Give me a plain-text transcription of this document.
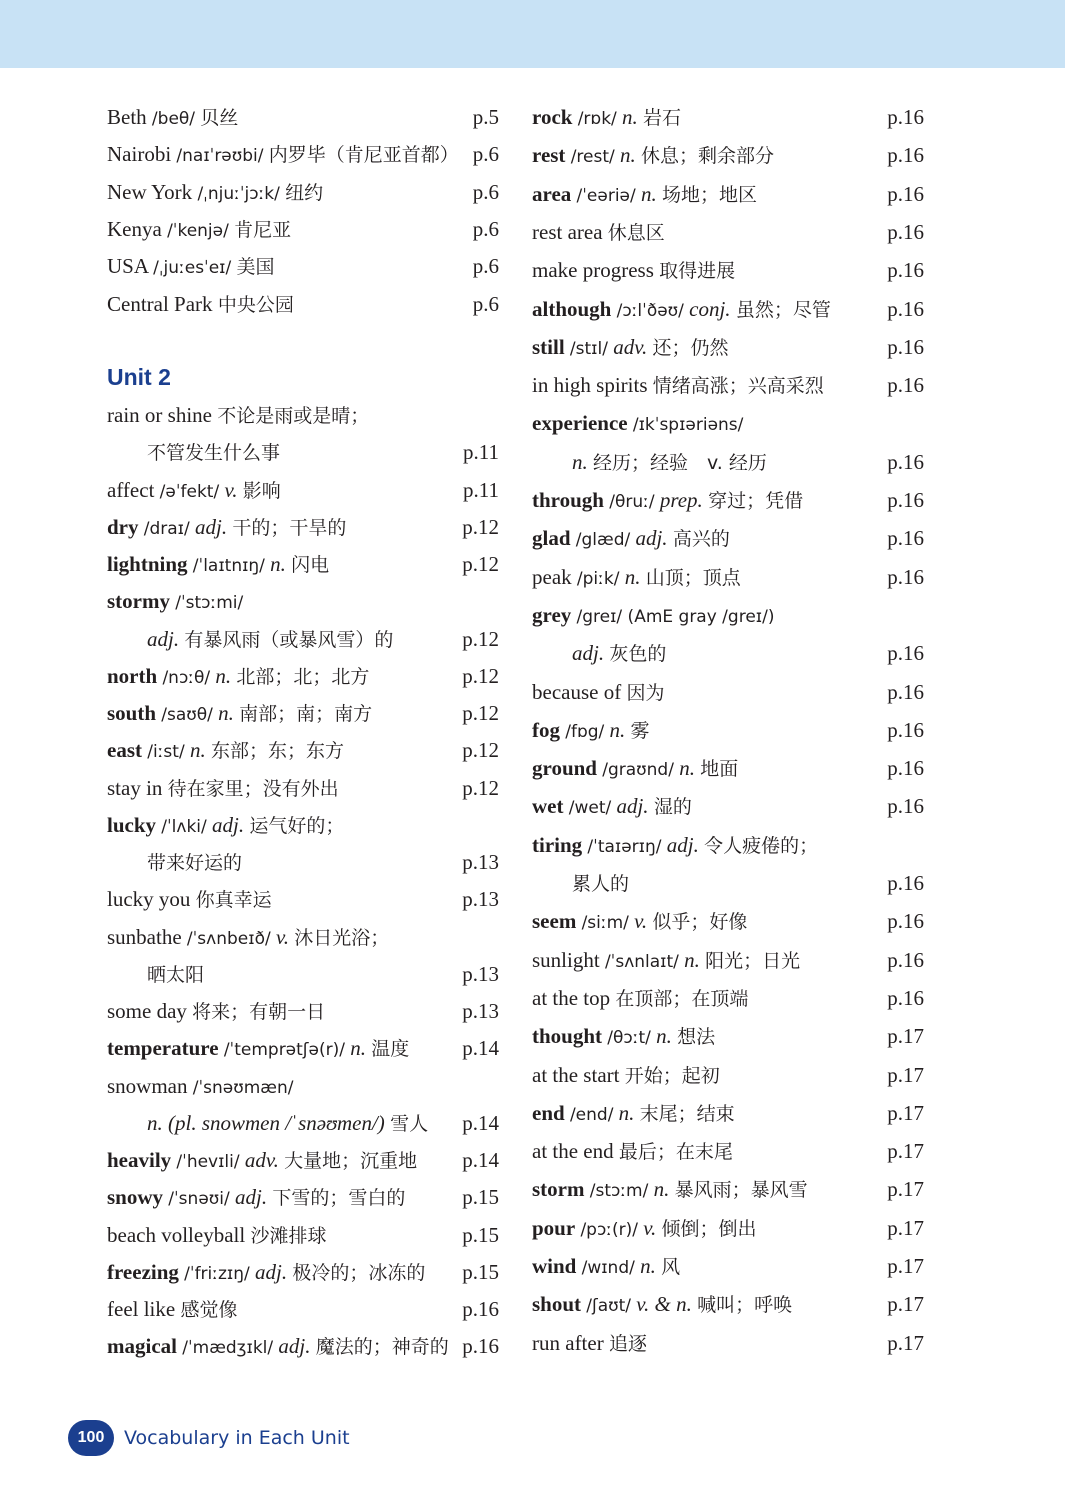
Beth /beθ/ 贝丝	p.5
Nairobi /naɪˈrəʊbi/ 内罗毕（肯尼亚首都） p.6
New York /ˌnjuːˈjɔːk/ 纽约	p.6
Kenya /ˈkenjə/ 肯尼亚	p.6
USA /ˌjuːesˈeɪ/ 美国	p.6
Central Park 中央公园	p.6
Unit 2
rain or shine 不论是雨或是晴；
不管发生什么事	p.11
affect /əˈfekt/ v. 影响	p.11
dry /draɪ/ adj. 干的；干旱的	p.12
lightning /ˈlaɪtnɪŋ/ n. 闪电	p.12
stormy /ˈstɔːmi/
adj. 有暴风雨（或暴风雪）的	p.12
north /nɔːθ/ n. 北部；北；北方	p.12
south /saʊθ/ n. 南部；南；南方	p.12
east /iːst/ n. 东部；东；东方	p.12
stay in 待在家里；没有外出	p.12
lucky /ˈlʌki/ adj. 运气好的；
带来好运的	p.13
lucky you 你真幸运	p.13
sunbathe /ˈsʌnbeɪð/ v. 沐日光浴；
晒太阳	p.13
some day 将来；有朝一日	p.13
temperature /ˈtemprətʃə(r)/ n. 温度	p.14
snowman /ˈsnəʊmæn/
n. (pl. snowmen /ˈsnəʊmen/) 雪人 p.14
heavily /ˈhevɪli/ adv. 大量地；沉重地 p.14
snowy /ˈsnəʊi/ adj. 下雪的；雪白的	p.15
beach volleyball 沙滩排球	p.15
freezing /ˈfriːzɪŋ/ adj. 极冷的；冰冻的 p.15
feel like 感觉像	p.16
magical /ˈmædʒɪkl/ adj. 魔法的；神奇的 p.16
rock /rɒk/ n. 岩石	p.16
rest /rest/ n. 休息；剩余部分	p.16
area /ˈeəriə/ n. 场地；地区	p.16
rest area 休息区	p.16
make progress 取得进展	p.16
although /ɔːlˈðəʊ/ conj. 虽然；尽管	p.16
still /stɪl/ adv. 还；仍然	p.16
in high spirits 情绪高涨；兴高采烈	p.16
experience /ɪkˈspɪəriəns/
n. 经历；经验　v. 经历	p.16
through /θruː/ prep. 穿过；凭借	p.16
glad /glæd/ adj. 高兴的	p.16
peak /piːk/ n. 山顶；顶点	p.16
grey /greɪ/ (AmE gray /greɪ/)
adj. 灰色的	p.16
because of 因为	p.16
fog /fɒg/ n. 雾	p.16
ground /graʊnd/ n. 地面	p.16
wet /wet/ adj. 湿的	p.16
tiring /ˈtaɪərɪŋ/ adj. 令人疲倦的；
累人的	p.16
seem /siːm/ v. 似乎；好像	p.16
sunlight /ˈsʌnlaɪt/ n. 阳光；日光	p.16
at the top 在顶部；在顶端	p.16
thought /θɔːt/ n. 想法	p.17
at the start 开始；起初	p.17
end /end/ n. 末尾；结束	p.17
at the end 最后；在末尾	p.17
storm /stɔːm/ n. 暴风雨；暴风雪	p.17
pour /pɔː(r)/ v. 倾倒；倒出	p.17
wind /wɪnd/ n. 风	p.17
shout /ʃaʊt/ v. & n. 喊叫；呼唤	p.17
run after 追逐	p.17
100	Vocabulary in Each Unit
